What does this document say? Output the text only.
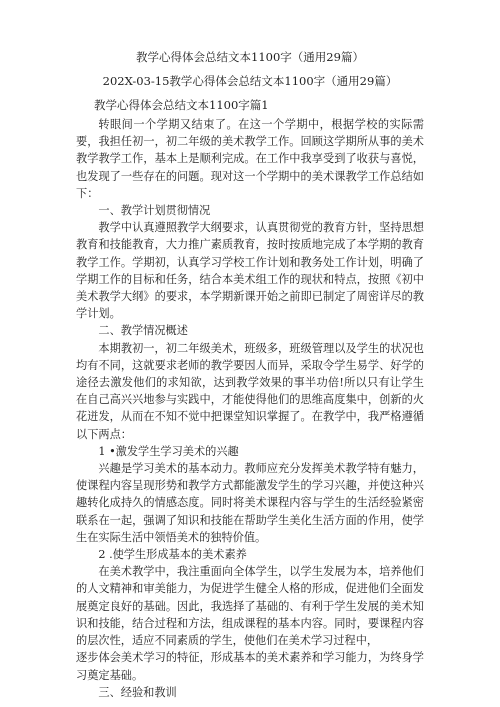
教学心得体会总结文本1100字（通用29篇）
202X-03-15教学心得体会总结文本1100字（通用29篇）
教学心得体会总结文本1100字篇1

转眼间一个学期又结束了。在这一个学期中，根据学校的实际需要，我担任初一，初二年级的美术教学工作。回顾这学期所从事的美术教学教学工作，基本上是顺利完成。在工作中我享受到了收获与喜悦，也发现了一些存在的问题。现对这一个学期中的美术课教学工作总结如下：

一、教学计划贯彻情况

教学中认真遵照教学大纲要求，认真贯彻党的教育方针，坚持思想教育和技能教育，大力推广素质教育，按时按质地完成了本学期的教育教学工作。学期初，认真学习学校工作计划和教务处工作计划，明确了学期工作的目标和任务，结合本美术组工作的现状和特点，按照《初中美术教学大纲》的要求，本学期新课开始之前即已制定了周密详尽的教学计划。

二、教学情况概述

本期教初一，初二年级美术，班级多，班级管理以及学生的状况也均有不同，这就要求老师的教学要因人而异，采取令学生易学、好学的途径去激发他们的求知欲，达到教学效果的事半功倍!所以只有让学生在自己高兴兴地参与实践中，才能使得他们的思维高度集中，创新的火花迸发，从而在不知不觉中把课堂知识掌握了。在教学中，我严格遵循以下两点：

1 •激发学生学习美术的兴趣

兴趣是学习美术的基本动力。教师应充分发挥美术教学特有魅力，使课程内容呈现形势和教学方式都能激发学生的学习兴趣，并使这种兴趣转化成持久的情感态度。同时将美术课程内容与学生的生活经验紧密联系在一起，强调了知识和技能在帮助学生美化生活方面的作用，使学生在实际生活中领悟美术的独特价值。

2 .使学生形成基本的美术素养

在美术教学中，我注重面向全体学生，以学生发展为本，培养他们的人文精神和审美能力，为促进学生健全人格的形成，促进他们全面发展奠定良好的基础。因此，我选择了基础的、有利于学生发展的美术知识和技能，结合过程和方法，组成课程的基本内容。同时，要课程内容的层次性，适应不同素质的学生，使他们在美术学习过程中，

逐步体会美术学习的特征，形成基本的美术素养和学习能力，为终身学习奠定基础。

三、经验和教训
